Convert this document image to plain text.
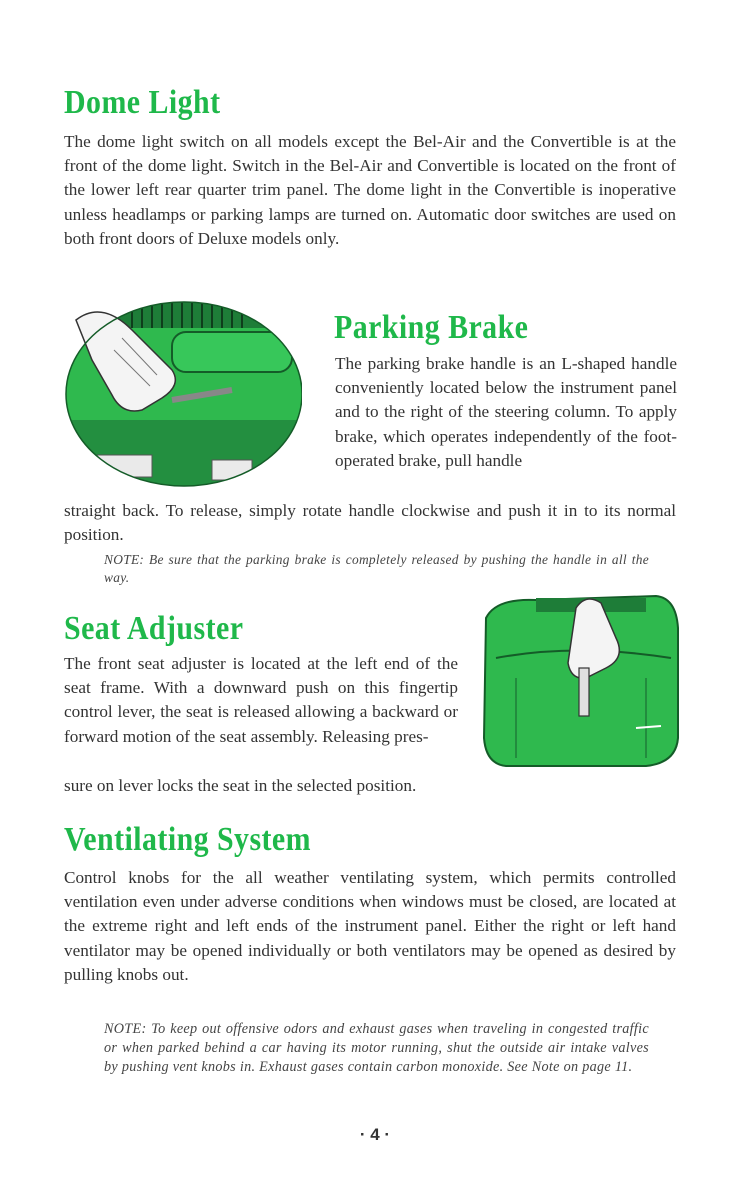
Dome Light

The dome light switch on all models except the Bel-Air and the Convertible is at the front of the dome light. Switch in the Bel-Air and Convertible is located on the front of the lower left rear quarter trim panel. The dome light in the Convertible is inoperative unless headlamps or parking lamps are turned on. Automatic door switches are used on both front doors of Deluxe models only.

Parking Brake

The parking brake handle is an L-shaped handle conveniently located below the instrument panel and to the right of the steering column. To apply brake, which operates independently of the foot-operated brake, pull handle

straight back. To release, simply rotate handle clockwise and push it in to its normal position.

NOTE: Be sure that the parking brake is completely released by pushing the handle in all the way.

Seat Adjuster

The front seat adjuster is located at the left end of the seat frame. With a downward push on this fingertip control lever, the seat is released allowing a backward or forward motion of the seat assembly. Releasing pres-

sure on lever locks the seat in the selected position.

Ventilating System

Control knobs for the all weather ventilating system, which permits controlled ventilation even under adverse conditions when windows must be closed, are located at the extreme right and left ends of the instrument panel. Either the right or left hand ventilator may be opened individually or both ventilators may be opened as desired by pulling knobs out.

NOTE: To keep out offensive odors and exhaust gases when traveling in congested traffic or when parked behind a car having its motor running, shut the outside air intake valves by pushing vent knobs in. Exhaust gases contain carbon monoxide. See Note on page 11.

· 4 ·
